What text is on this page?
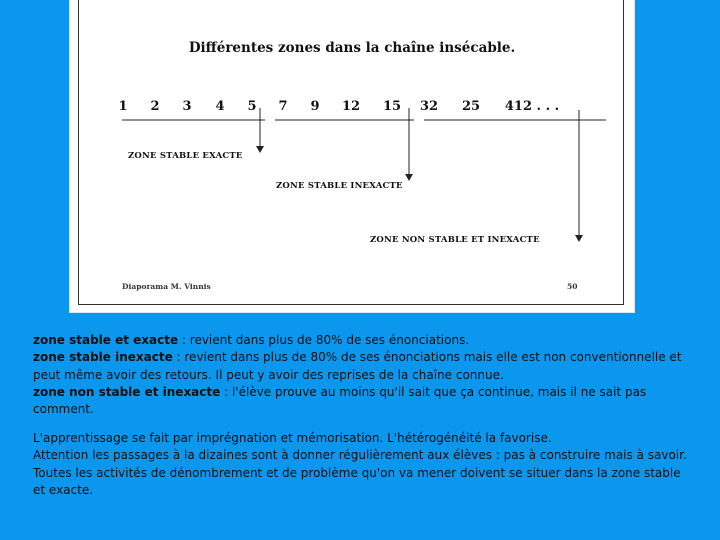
Différentes zones dans la chaîne insécable.
1 2 3 4 5 7 9 12 15 32 25 412 . . .
ZONE STABLE EXACTE
ZONE STABLE INEXACTE
ZONE NON STABLE ET INEXACTE
Diaporama M. Vinnis	50

zone stable et exacte : revient dans plus de 80% de ses énonciations.

zone stable inexacte : revient dans plus de 80% de ses énonciations mais elle est non conventionnelle et peut même avoir des retours. Il peut y avoir des reprises de la chaîne connue.

zone non stable et inexacte : l'élève prouve au moins qu'il sait que ça continue, mais il ne sait pas comment.

L'apprentissage se fait par imprégnation et mémorisation. L'hétérogénéité la favorise.

Attention les passages à la dizaines sont à donner régulièrement aux élèves : pas à construire mais à savoir.

Toutes les activités de dénombrement et de problème qu'on va mener doivent se situer dans la zone stable et exacte.
